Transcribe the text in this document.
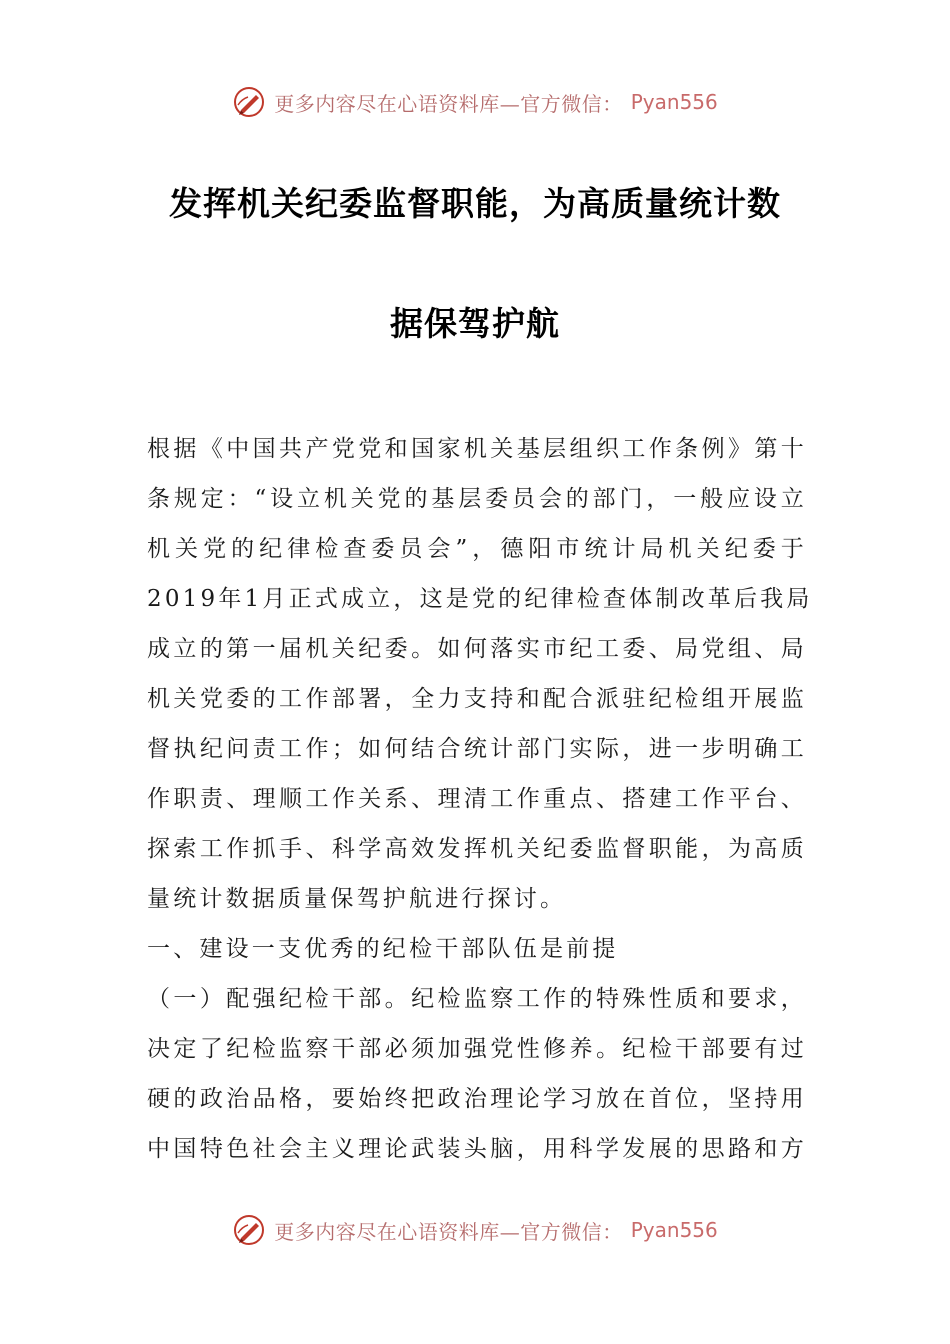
更多内容尽在心语资料库—官方微信： Pyan556
发挥机关纪委监督职能，为高质量统计数
据保驾护航
根据《中国共产党党和国家机关基层组织工作条例》第十
条规定：“设立机关党的基层委员会的部门，一般应设立
机关党的纪律检查委员会”，德阳市统计局机关纪委于
2019年1月正式成立，这是党的纪律检查体制改革后我局
成立的第一届机关纪委。如何落实市纪工委、局党组、局
机关党委的工作部署，全力支持和配合派驻纪检组开展监
督执纪问责工作；如何结合统计部门实际，进一步明确工
作职责、理顺工作关系、理清工作重点、搭建工作平台、
探索工作抓手、科学高效发挥机关纪委监督职能，为高质
量统计数据质量保驾护航进行探讨。
一、建设一支优秀的纪检干部队伍是前提
（一）配强纪检干部。纪检监察工作的特殊性质和要求，
决定了纪检监察干部必须加强党性修养。纪检干部要有过
硬的政治品格，要始终把政治理论学习放在首位，坚持用
中国特色社会主义理论武装头脑，用科学发展的思路和方
更多内容尽在心语资料库—官方微信： Pyan556
